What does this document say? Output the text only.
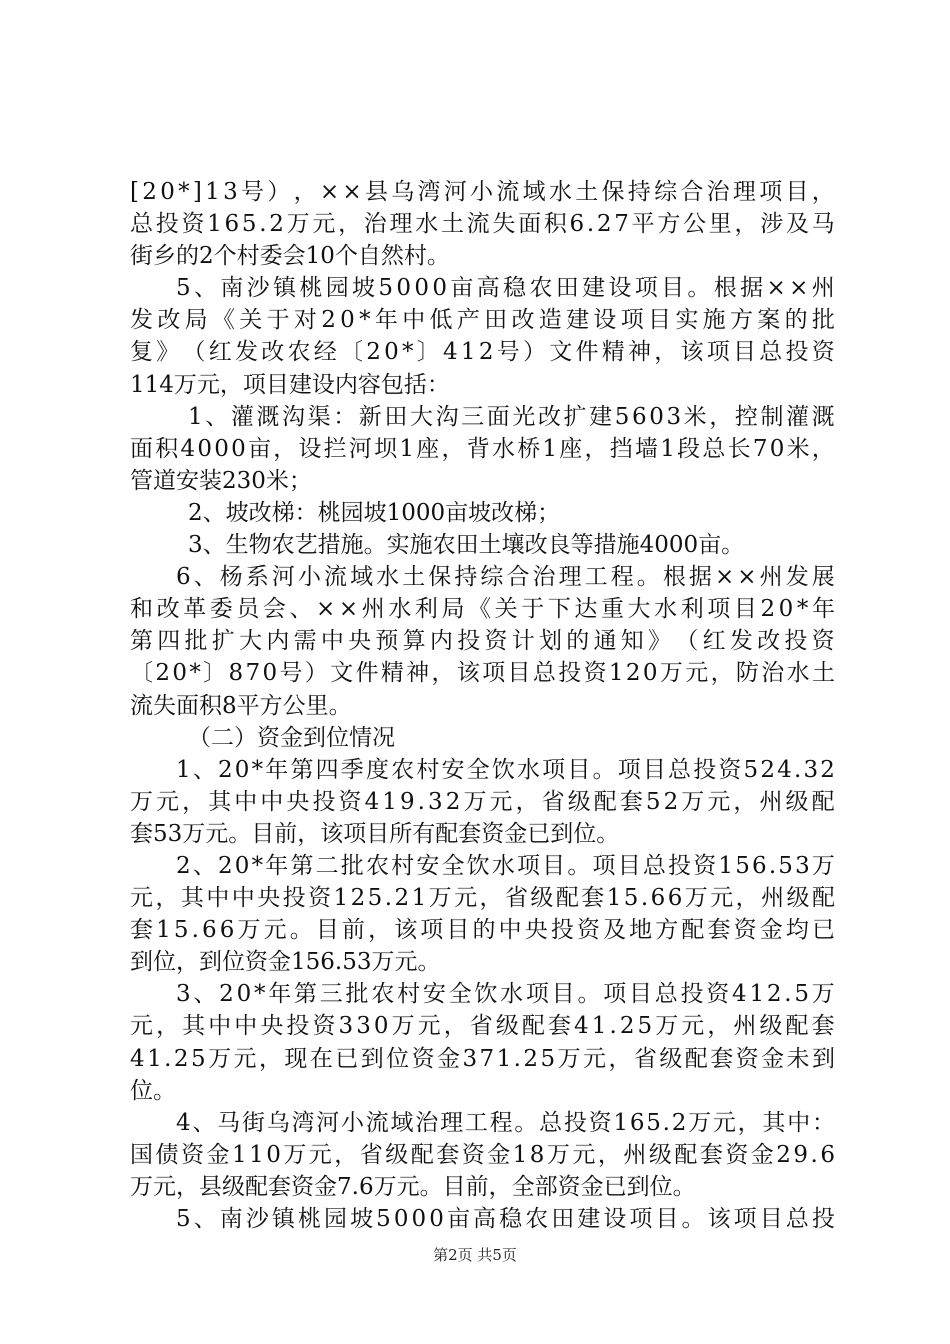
[ 2 0 * ] 1 3 号 ） ， × × 县 乌 湾 河 小 流 域 水 土 保 持 综 合 治 理 项 目 ，
总 投 资 1 6 5 . 2 万 元 ， 治 理 水 土 流 失 面 积 6 . 2 7 平 方 公 里 ， 涉 及 马
街乡的2个村委会10个自然村。
5 、 南 沙 镇 桃 园 坡 5 0 0 0 亩 高 稳 农 田 建 设 项 目 。 根 据 × × 州
发 改 局 《 关 于 对 2 0 * 年 中 低 产 田 改 造 建 设 项 目 实 施 方 案 的 批
复 》 （ 红 发 改 农 经 〔 2 0 * 〕 4 1 2 号 ） 文 件 精 神 ， 该 项 目 总 投 资
114万元，项目建设内容包括：
1 、 灌 溉 沟 渠 ： 新 田 大 沟 三 面 光 改 扩 建 5 6 0 3 米 ， 控 制 灌 溉
面 积 4 0 0 0 亩 ， 设 拦 河 坝 1 座 ， 背 水 桥 1 座 ， 挡 墙 1 段 总 长 7 0 米 ，
管道安装230米；
2、坡改梯：桃园坡1000亩坡改梯；
3、生物农艺措施。实施农田土壤改良等措施4000亩。
6 、 杨 系 河 小 流 域 水 土 保 持 综 合 治 理 工 程 。 根 据 × × 州 发 展
和 改 革 委 员 会 、 × × 州 水 利 局 《 关 于 下 达 重 大 水 利 项 目 2 0 * 年
第 四 批 扩 大 内 需 中 央 预 算 内 投 资 计 划 的 通 知 》 （ 红 发 改 投 资
〔 2 0 * 〕 8 7 0 号 ） 文 件 精 神 ， 该 项 目 总 投 资 1 2 0 万 元 ， 防 治 水 土
流失面积8平方公里。
（二）资金到位情况
1 、 2 0 * 年 第 四 季 度 农 村 安 全 饮 水 项 目 。 项 目 总 投 资 5 2 4 . 3 2
万 元 ， 其 中 中 央 投 资 4 1 9 . 3 2 万 元 ， 省 级 配 套 5 2 万 元 ， 州 级 配
套53万元。目前，该项目所有配套资金已到位。
2 、 2 0 * 年 第 二 批 农 村 安 全 饮 水 项 目 。 项 目 总 投 资 1 5 6 . 5 3 万
元 ， 其 中 中 央 投 资 1 2 5 . 2 1 万 元 ， 省 级 配 套 1 5 . 6 6 万 元 ， 州 级 配
套 1 5 . 6 6 万 元 。 目 前 ， 该 项 目 的 中 央 投 资 及 地 方 配 套 资 金 均 已
到位，到位资金156.53万元。
3 、 2 0 * 年 第 三 批 农 村 安 全 饮 水 项 目 。 项 目 总 投 资 4 1 2 . 5 万
元 ， 其 中 中 央 投 资 3 3 0 万 元 ， 省 级 配 套 4 1 . 2 5 万 元 ， 州 级 配 套
4 1 . 2 5 万 元 ， 现 在 已 到 位 资 金 3 7 1 . 2 5 万 元 ， 省 级 配 套 资 金 未 到
位。
4 、 马 街 乌 湾 河 小 流 域 治 理 工 程 。 总 投 资 1 6 5 . 2 万 元 ， 其 中 ：
国 债 资 金 1 1 0 万 元 ， 省 级 配 套 资 金 1 8 万 元 ， 州 级 配 套 资 金 2 9 . 6
万元，县级配套资金7.6万元。目前，全部资金已到位。
5 、 南 沙 镇 桃 园 坡 5 0 0 0 亩 高 稳 农 田 建 设 项 目 。 该 项 目 总 投
第2页 共5页
